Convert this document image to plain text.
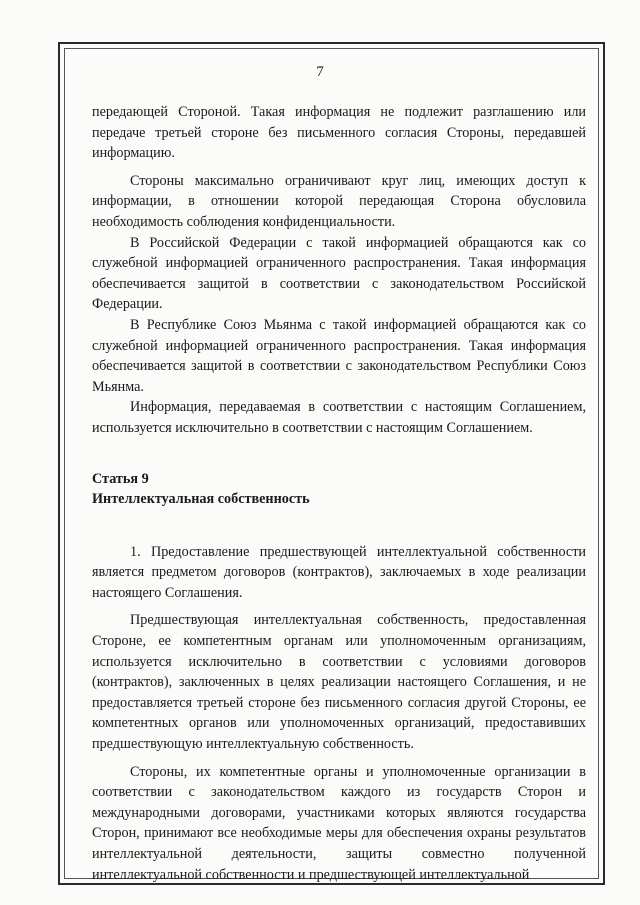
7

передающей Стороной. Такая информация не подлежит разглашению или передаче третьей стороне без письменного согласия Стороны, передавшей информацию.

Стороны максимально ограничивают круг лиц, имеющих доступ к информации, в отношении которой передающая Сторона обусловила необходимость соблюдения конфиденциальности.

В Российской Федерации с такой информацией обращаются как со служебной информацией ограниченного распространения. Такая информация обеспечивается защитой в соответствии с законодательством Российской Федерации.

В Республике Союз Мьянма с такой информацией обращаются как со служебной информацией ограниченного распространения. Такая информация обеспечивается защитой в соответствии с законодательством Республики Союз Мьянма.

Информация, передаваемая в соответствии с настоящим Соглашением, используется исключительно в соответствии с настоящим Соглашением.

Статья 9

Интеллектуальная собственность

1. Предоставление предшествующей интеллектуальной собственности является предметом договоров (контрактов), заключаемых в ходе реализации настоящего Соглашения.

Предшествующая интеллектуальная собственность, предоставленная Стороне, ее компетентным органам или уполномоченным организациям, используется исключительно в соответствии с условиями договоров (контрактов), заключенных в целях реализации настоящего Соглашения, и не предоставляется третьей стороне без письменного согласия другой Стороны, ее компетентных органов или уполномоченных организаций, предоставивших предшествующую интеллектуальную собственность.

Стороны, их компетентные органы и уполномоченные организации в соответствии с законодательством каждого из государств Сторон и международными договорами, участниками которых являются государства Сторон, принимают все необходимые меры для обеспечения охраны результатов интеллектуальной деятельности, защиты совместно полученной интеллектуальной собственности и предшествующей интеллектуальной
